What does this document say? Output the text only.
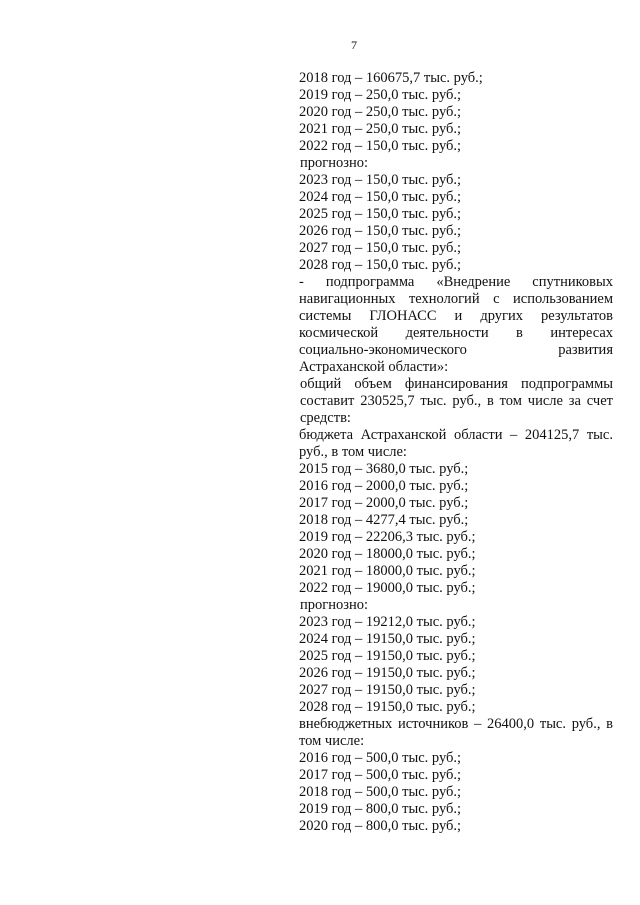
7
2018 год – 160675,7 тыс. руб.;
2019 год – 250,0 тыс. руб.;
2020 год – 250,0 тыс. руб.;
2021 год – 250,0 тыс. руб.;
2022 год – 150,0 тыс. руб.;
прогнозно:
2023 год – 150,0 тыс. руб.;
2024 год – 150,0 тыс. руб.;
2025 год – 150,0 тыс. руб.;
2026 год – 150,0 тыс. руб.;
2027 год – 150,0 тыс. руб.;
2028 год – 150,0 тыс. руб.;
- подпрограмма «Внедрение спутниковых навигационных технологий с использованием системы ГЛОНАСС и других результатов космической деятельности в интересах социально-экономического развития Астраханской области»:
общий объем финансирования подпрограммы составит 230525,7 тыс. руб., в том числе за счет средств:
бюджета Астраханской области – 204125,7 тыс. руб., в том числе:
2015 год – 3680,0 тыс. руб.;
2016 год – 2000,0 тыс. руб.;
2017 год – 2000,0 тыс. руб.;
2018 год – 4277,4 тыс. руб.;
2019 год – 22206,3 тыс. руб.;
2020 год – 18000,0 тыс. руб.;
2021 год – 18000,0 тыс. руб.;
2022 год – 19000,0 тыс. руб.;
прогнозно:
2023 год – 19212,0 тыс. руб.;
2024 год – 19150,0 тыс. руб.;
2025 год – 19150,0 тыс. руб.;
2026 год – 19150,0 тыс. руб.;
2027 год – 19150,0 тыс. руб.;
2028 год – 19150,0 тыс. руб.;
внебюджетных источников – 26400,0 тыс. руб., в том числе:
2016 год – 500,0 тыс. руб.;
2017 год – 500,0 тыс. руб.;
2018 год – 500,0 тыс. руб.;
2019 год – 800,0 тыс. руб.;
2020 год – 800,0 тыс. руб.;
